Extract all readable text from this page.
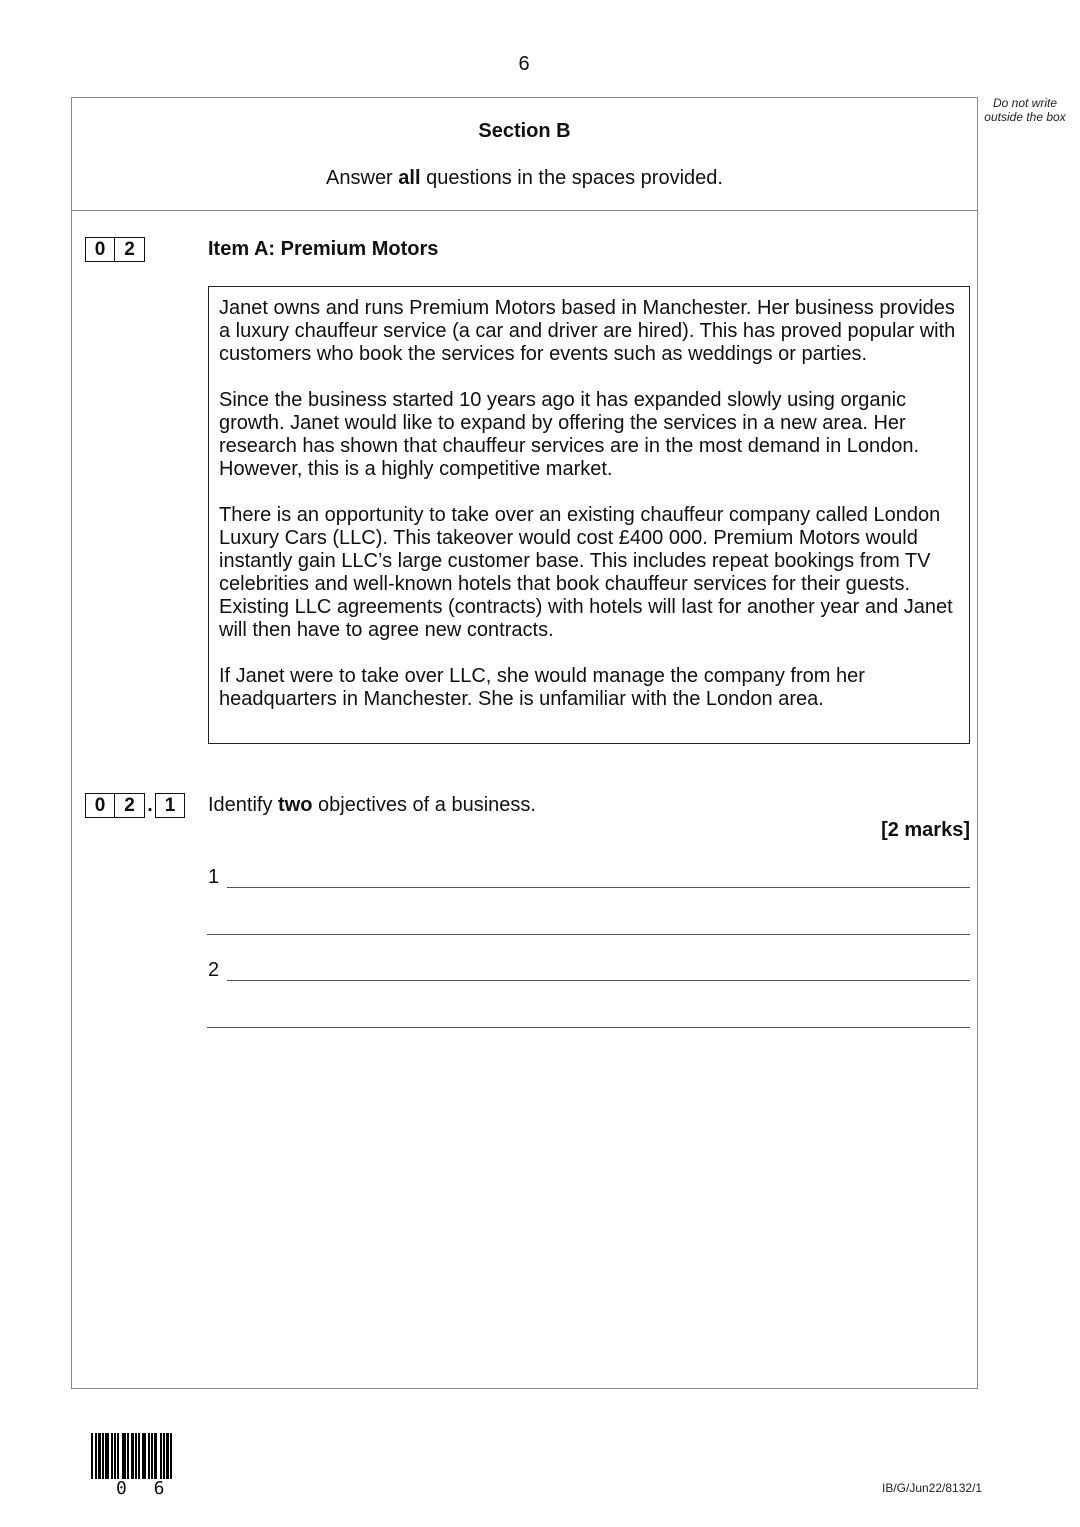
6
Do not write outside the box
Section B
Answer all questions in the spaces provided.
0 2	Item A: Premium Motors

Janet owns and runs Premium Motors based in Manchester. Her business provides a luxury chauffeur service (a car and driver are hired). This has proved popular with customers who book the services for events such as weddings or parties.

Since the business started 10 years ago it has expanded slowly using organic growth. Janet would like to expand by offering the services in a new area. Her research has shown that chauffeur services are in the most demand in London. However, this is a highly competitive market.

There is an opportunity to take over an existing chauffeur company called London Luxury Cars (LLC). This takeover would cost £400 000. Premium Motors would instantly gain LLC’s large customer base. This includes repeat bookings from TV celebrities and well-known hotels that book chauffeur services for their guests. Existing LLC agreements (contracts) with hotels will last for another year and Janet will then have to agree new contracts.

If Janet were to take over LLC, she would manage the company from her headquarters in Manchester. She is unfamiliar with the London area.

0 2 . 1	Identify two objectives of a business.
[2 marks]
1
2
0 6	IB/G/Jun22/8132/1
